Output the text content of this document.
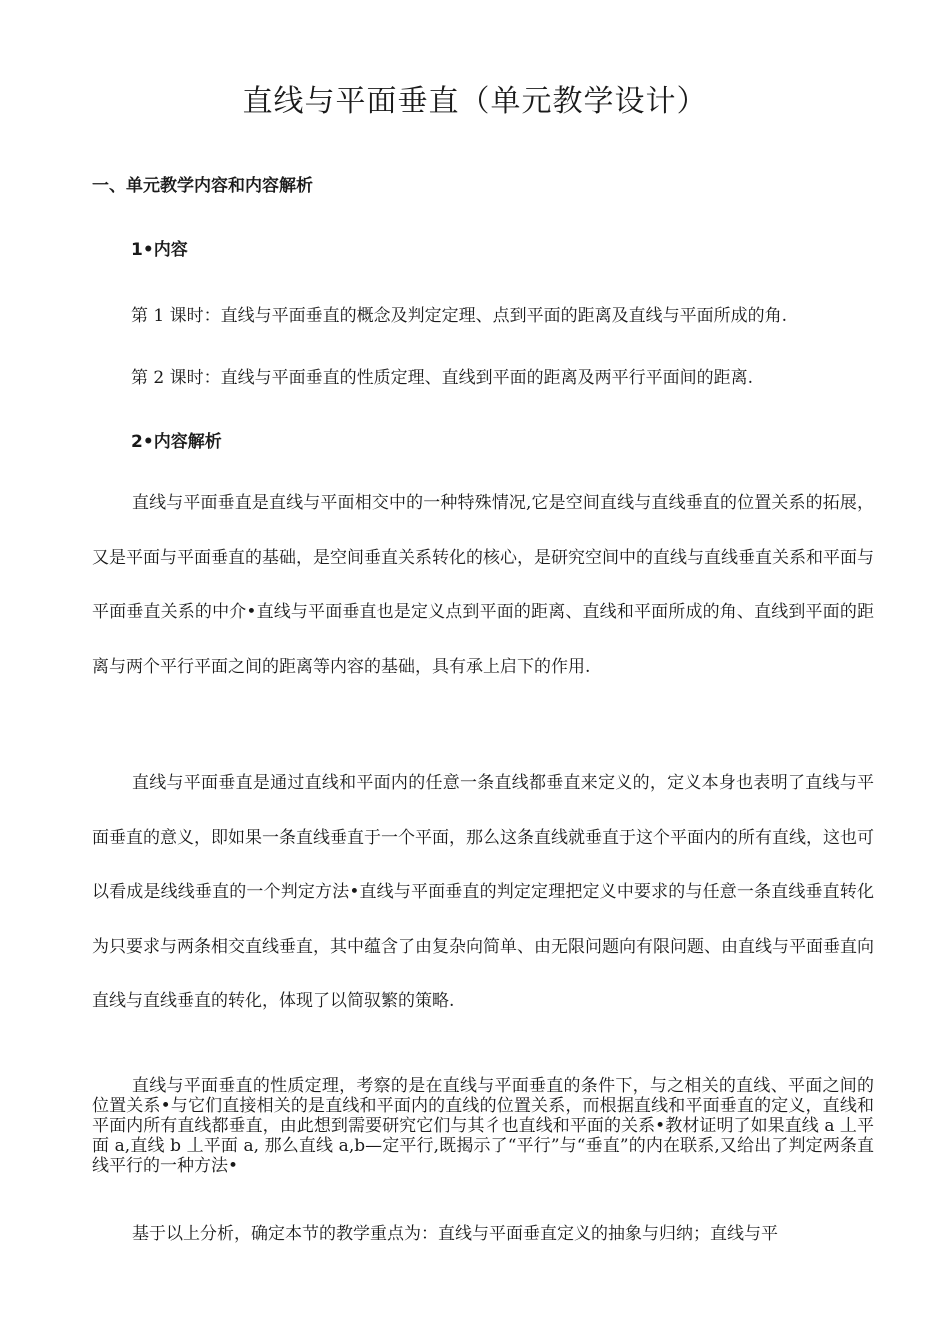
直线与平面垂直（单元教学设计）
一、单元教学内容和内容解析
1•内容

第 1 课时：直线与平面垂直的概念及判定定理、点到平面的距离及直线与平面所成的角.

第 2 课时：直线与平面垂直的性质定理、直线到平面的距离及两平行平面间的距离.

2•内容解析

直线与平面垂直是直线与平面相交中的一种特殊情况,它是空间直线与直线垂直的位置关系的拓展，又是平面与平面垂直的基础，是空间垂直关系转化的核心，是研究空间中的直线与直线垂直关系和平面与平面垂直关系的中介•直线与平面垂直也是定义点到平面的距离、直线和平面所成的角、直线到平面的距离与两个平行平面之间的距离等内容的基础，具有承上启下的作用.

直线与平面垂直是通过直线和平面内的任意一条直线都垂直来定义的，定义本身也表明了直线与平面垂直的意义，即如果一条直线垂直于一个平面，那么这条直线就垂直于这个平面内的所有直线，这也可以看成是线线垂直的一个判定方法•直线与平面垂直的判定定理把定义中要求的与任意一条直线垂直转化为只要求与两条相交直线垂直，其中蕴含了由复杂向简单、由无限问题向有限问题、由直线与平面垂直向直线与直线垂直的转化，体现了以简驭繁的策略.

直线与平面垂直的性质定理，考察的是在直线与平面垂直的条件下，与之相关的直线、平面之间的位置关系•与它们直接相关的是直线和平面内的直线的位置关系，而根据直线和平面垂直的定义，直线和平面内所有直线都垂直，由此想到需要研究它们与其彳也直线和平面的关系•教材证明了如果直线 a 丄平面 a,直线 b 丄平面 a, 那么直线 a,b—定平行,既揭示了“平行”与“垂直”的内在联系,又给出了判定两条直线平行的一种方法•

基于以上分析，确定本节的教学重点为：直线与平面垂直定义的抽象与归纳；直线与平
